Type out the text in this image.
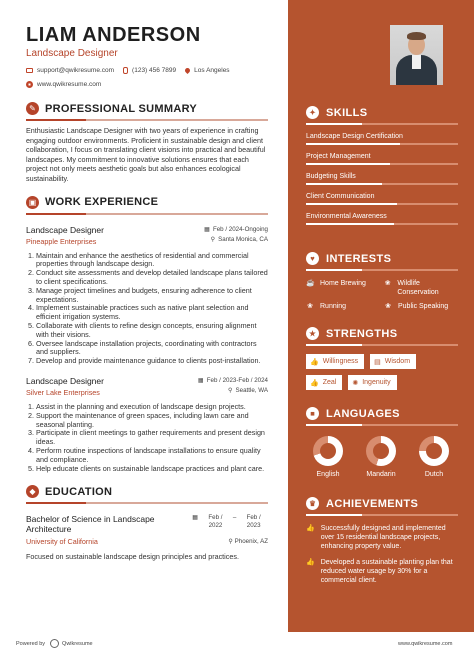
LIAM ANDERSON
Landscape Designer
support@qwikresume.com	(123) 456 7899	Los Angeles
www.qwikresume.com
✎ PROFESSIONAL SUMMARY

Enthusiastic Landscape Designer with two years of experience in crafting engaging outdoor environments. Proficient in sustainable design and client collaboration, I focus on translating client visions into practical and beautiful landscapes. My commitment to innovative solutions ensures that each project not only meets aesthetic goals but also enhances ecological sustainability.

▣ WORK EXPERIENCE
Landscape Designer
Pineapple Enterprises
▦ Feb / 2024-Ongoing
⚲ Santa Monica, CA
1. Maintain and enhance the aesthetics of residential and commercial properties through landscape design.
2. Conduct site assessments and develop detailed landscape plans tailored to client specifications.
3. Manage project timelines and budgets, ensuring adherence to client expectations.
4. Implement sustainable practices such as native plant selection and efficient irrigation systems.
5. Collaborate with clients to refine design concepts, ensuring alignment with their visions.
6. Oversee landscape installation projects, coordinating with contractors and suppliers.
7. Develop and provide maintenance guidance to clients post-installation.
Landscape Designer
Silver Lake Enterprises
▦ Feb / 2023-Feb / 2024
⚲ Seattle, WA
1. Assist in the planning and execution of landscape design projects.
2. Support the maintenance of green spaces, including lawn care and seasonal planting.
3. Participate in client meetings to gather requirements and present design ideas.
4. Perform routine inspections of landscape installations to ensure quality and compliance.
5. Help educate clients on sustainable landscape practices and plant care.
◆ EDUCATION
Bachelor of Science in Landscape Architecture
▦	Feb / 2022
–	Feb / 2023
University of California	⚲ Phoenix, AZ
Focused on sustainable landscape design principles and practices.
Powered by	Qwikresume	www.qwikresume.com
✦ SKILLS
Landscape Design Certification
Project Management
Budgeting Skills
Client Communication
Environmental Awareness
♥	INTERESTS
☕ Home Brewing	❀ Wildlife Conservation
❀ Running	❀ Public Speaking
★ STRENGTHS
👍 Willingness ▤ Wisdom
👍 Zeal ✺ Ingenuity
■	LANGUAGES
English	Mandarin	Dutch
♛ ACHIEVEMENTS
👍 Successfully designed and implemented over 15 residential landscape projects, enhancing property value.
👍 Developed a sustainable planting plan that reduced water usage by 30% for a commercial client.
